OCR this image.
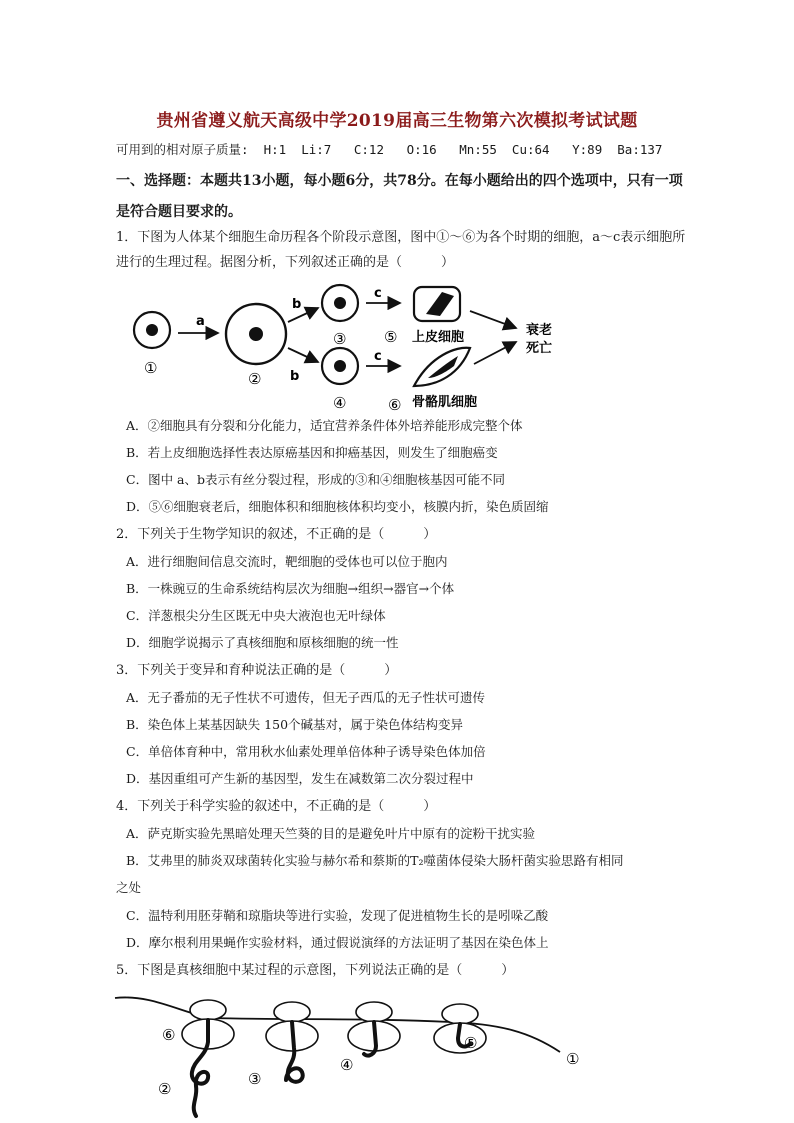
贵州省遵义航天高级中学2019届高三生物第六次模拟考试试题
可用到的相对原子质量:  H:1  Li:7   C:12   O:16   Mn:55  Cu:64   Y:89  Ba:137
一、选择题：本题共13小题，每小题6分，共78分。在每小题给出的四个选项中，只有一项是符合题目要求的。
1．下图为人体某个细胞生命历程各个阶段示意图，图中①～⑥为各个时期的细胞，a～c表示细胞所进行的生理过程。据图分析，下列叙述正确的是（　　　）
①
a
②
b
b
③
④
c
c
⑤ 上皮细胞
⑥ 骨骼肌细胞
衰老
死亡
A．②细胞具有分裂和分化能力，适宜营养条件体外培养能形成完整个体
B．若上皮细胞选择性表达原癌基因和抑癌基因，则发生了细胞癌变
C．图中 a、b表示有丝分裂过程，形成的③和④细胞核基因可能不同
D．⑤⑥细胞衰老后，细胞体积和细胞核体积均变小，核膜内折，染色质固缩
2．下列关于生物学知识的叙述，不正确的是（　　　）
A．进行细胞间信息交流时，靶细胞的受体也可以位于胞内
B．一株豌豆的生命系统结构层次为细胞→组织→器官→个体
C．洋葱根尖分生区既无中央大液泡也无叶绿体
D．细胞学说揭示了真核细胞和原核细胞的统一性
3．下列关于变异和育种说法正确的是（　　　）
A．无子番茄的无子性状不可遗传，但无子西瓜的无子性状可遗传
B．染色体上某基因缺失 150个碱基对，属于染色体结构变异
C．单倍体育种中，常用秋水仙素处理单倍体种子诱导染色体加倍
D．基因重组可产生新的基因型，发生在减数第二次分裂过程中
4．下列关于科学实验的叙述中，不正确的是（　　　）
A．萨克斯实验先黑暗处理天竺葵的目的是避免叶片中原有的淀粉干扰实验
B．艾弗里的肺炎双球菌转化实验与赫尔希和蔡斯的T₂噬菌体侵染大肠杆菌实验思路有相同
之处
C．温特利用胚芽鞘和琼脂块等进行实验，发现了促进植物生长的是吲哚乙酸
D．摩尔根利用果蝇作实验材料，通过假说演绎的方法证明了基因在染色体上
5．下图是真核细胞中某过程的示意图，下列说法正确的是（　　　）
⑥
②
③
④
⑤
①
